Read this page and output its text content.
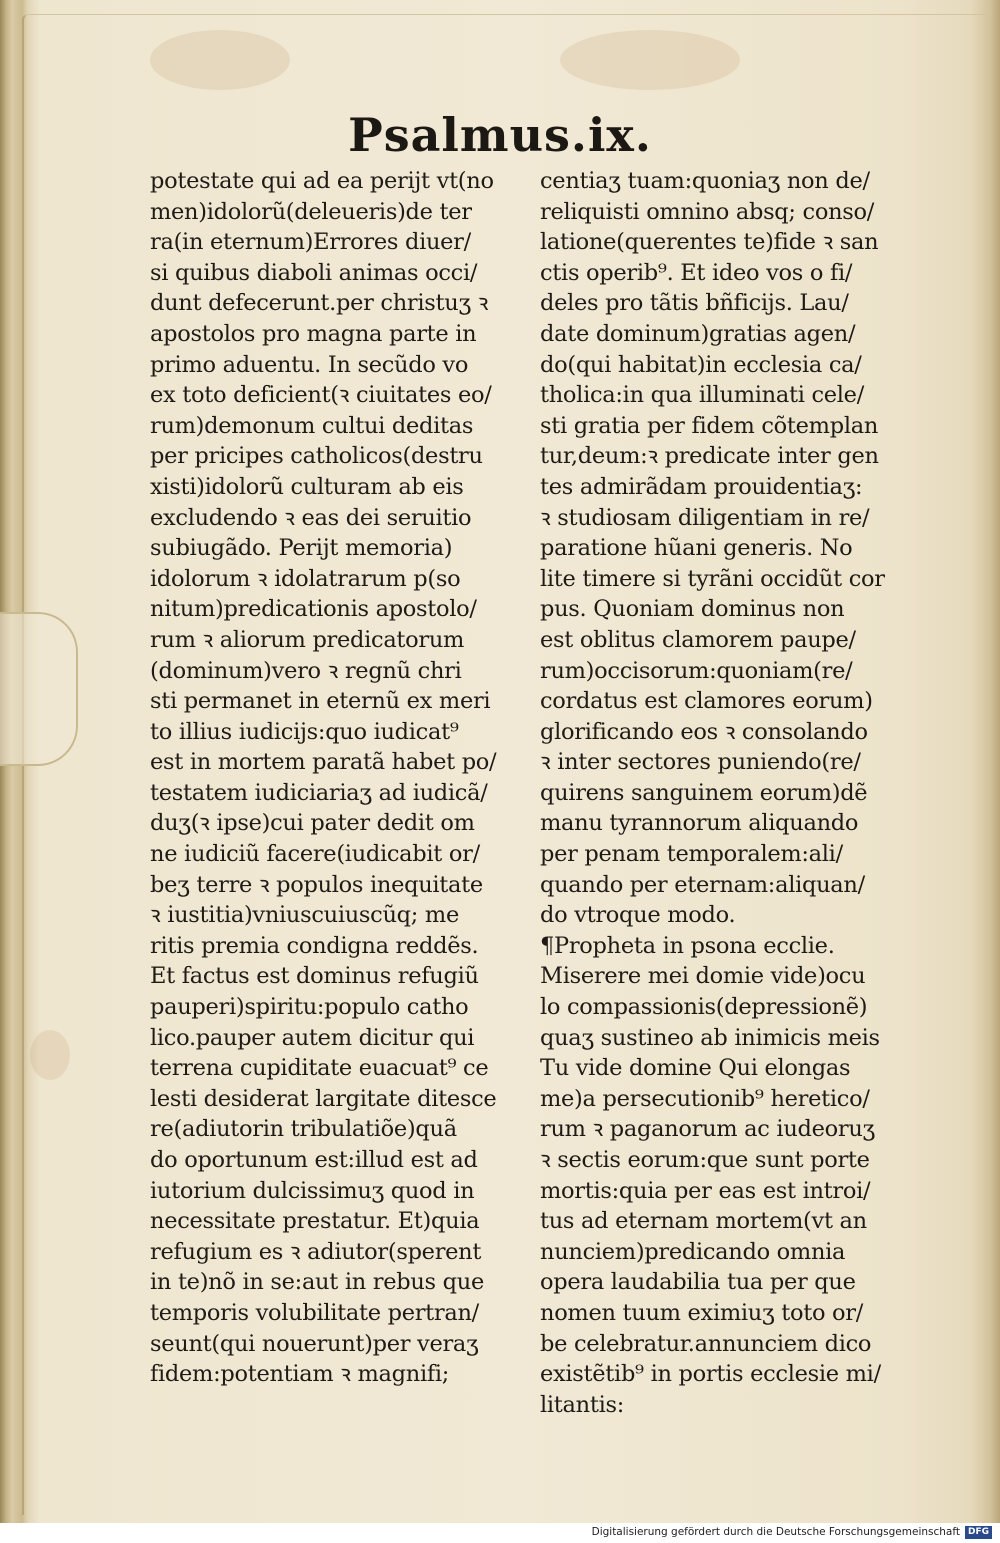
Psalmus.ix.
potestate qui ad ea perijt vt(no
men)idolorũ(deleueris)de ter
ra(in eternum)Errores diuer/
si quibus diaboli animas occi/
dunt defecerunt.per christuʒ ꝛ
apostolos pro magna parte in
primo aduentu. In secũdo vo
ex toto deficient(ꝛ ciuitates eo/
rum)demonum cultui deditas
per pricipes catholicos(destru
xisti)idolorũ culturam ab eis
excludendo ꝛ eas dei seruitio
subiugãdo. Perijt memoria)
idolorum ꝛ idolatrarum p(so
nitum)predicationis apostolo/
rum ꝛ aliorum predicatorum
(dominum)vero ꝛ regnũ chri
sti permanet in eternũ ex meri
to illius iudicijs:quo iudicat⁹
est in mortem paratã habet po/
testatem iudiciariaʒ ad iudicã/
duʒ(ꝛ ipse)cui pater dedit om
ne iudiciũ facere(iudicabit or/
beʒ terre ꝛ populos inequitate
ꝛ iustitia)vniuscuiuscũq; me
ritis premia condigna reddẽs.
Et factus est dominus refugiũ
pauperi)spiritu:populo catho
lico.pauper autem dicitur qui
terrena cupiditate euacuat⁹ ce
lesti desiderat largitate ditesce
re(adiutorin tribulatiõe)quã
do oportunum est:illud est ad
iutorium dulcissimuʒ quod in
necessitate prestatur. Et)quia
refugium es ꝛ adiutor(sperent
in te)nõ in se:aut in rebus que
temporis volubilitate pertran/
seunt(qui nouerunt)per veraʒ
fidem:potentiam ꝛ magnifi;
centiaʒ tuam:quoniaʒ non de/
reliquisti omnino absq; conso/
latione(querentes te)fide ꝛ san
ctis operib⁹. Et ideo vos o fi/
deles pro tãtis bñficijs. Lau/
date dominum)gratias agen/
do(qui habitat)in ecclesia ca/
tholica:in qua illuminati cele/
sti gratia per fidem cõtemplan
tur,deum:ꝛ predicate inter gen
tes admirãdam prouidentiaʒ:
ꝛ studiosam diligentiam in re/
paratione hũani generis. No
lite timere si tyrãni occidũt cor
pus. Quoniam dominus non
est oblitus clamorem paupe/
rum)occisorum:quoniam(re/
cordatus est clamores eorum)
glorificando eos ꝛ consolando
ꝛ inter sectores puniendo(re/
quirens sanguinem eorum)dẽ
manu tyrannorum aliquando
per penam temporalem:ali/
quando per eternam:aliquan/
do vtroque modo.
¶Propheta in psona ecclie.
Miserere mei domie vide)ocu
lo compassionis(depressionẽ)
quaʒ sustineo ab inimicis meis
Tu vide domine Qui elongas
me)a persecutionib⁹ heretico/
rum ꝛ paganorum ac iudeoruʒ
ꝛ sectis eorum:que sunt porte
mortis:quia per eas est introi/
tus ad eternam mortem(vt an
nunciem)predicando omnia
opera laudabilia tua per que
nomen tuum eximiuʒ toto or/
be celebratur.annunciem dico
existẽtib⁹ in portis ecclesie mi/
litantis:
Digitalisierung gefördert durch die Deutsche Forschungsgemeinschaft DFG
